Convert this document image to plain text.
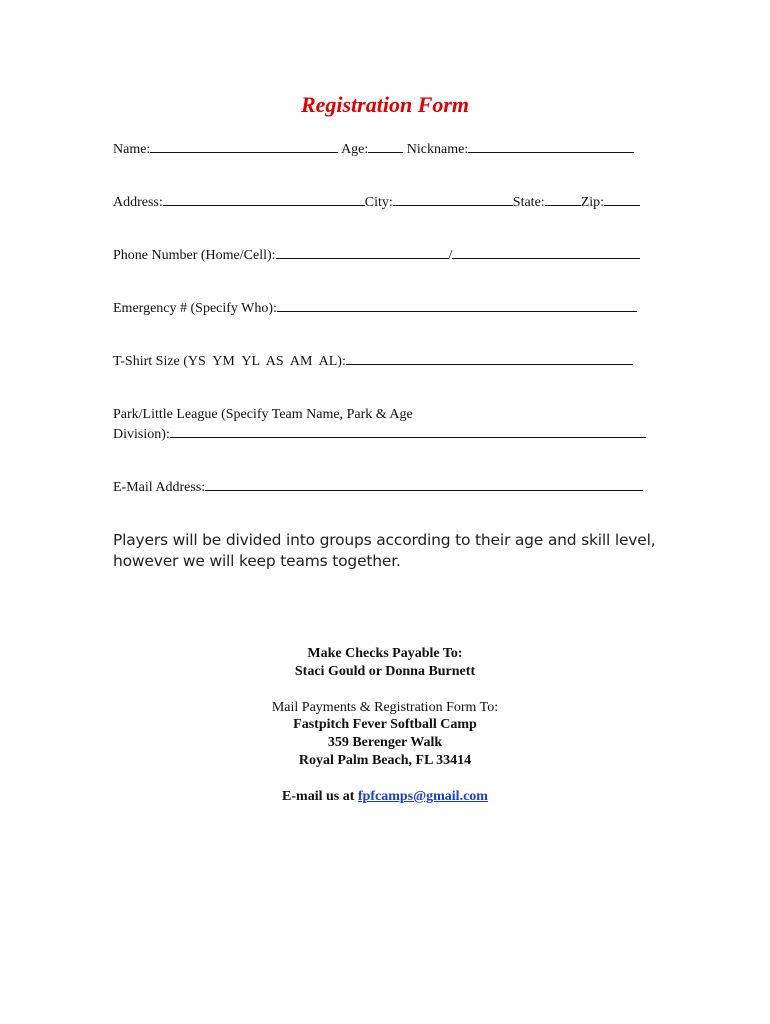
Registration Form
Name:	Age:	Nickname:
Address:	City:	State:	Zip:
Phone Number (Home/Cell):	/
Emergency # (Specify Who):
T-Shirt Size (YS  YM  YL  AS  AM  AL):
Park/Little League (Specify Team Name, Park & Age
Division):
E-Mail Address:
Players will be divided into groups according to their age and skill level,
however we will keep teams together.
Make Checks Payable To:
Staci Gould or Donna Burnett
Mail Payments & Registration Form To:
Fastpitch Fever Softball Camp
359 Berenger Walk
Royal Palm Beach, FL 33414
E-mail us at fpfcamps@gmail.com
